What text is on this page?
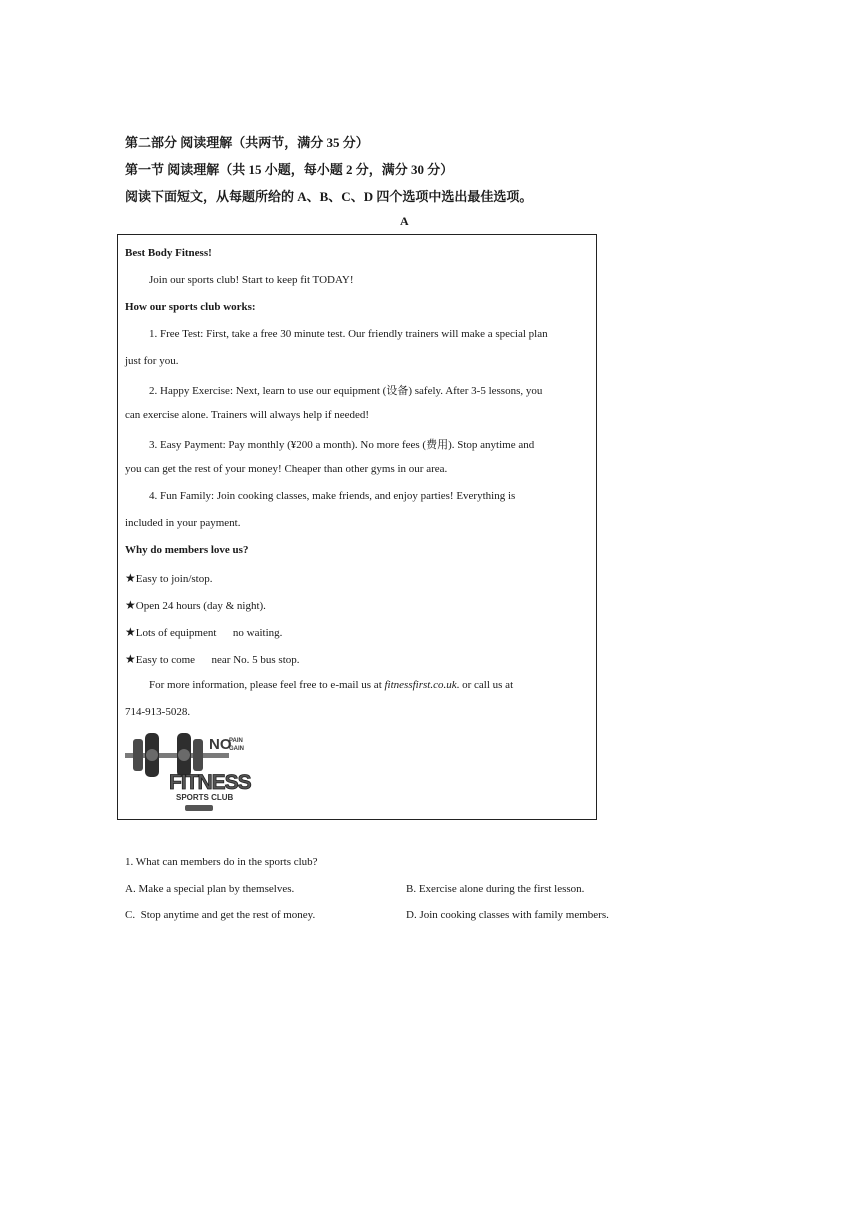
第二部分 阅读理解（共两节，满分 35 分）
第一节 阅读理解（共 15 小题，每小题 2 分，满分 30 分）
阅读下面短文，从每题所给的 A、B、C、D 四个选项中选出最佳选项。
A
Best Body Fitness!
Join our sports club! Start to keep fit TODAY!
How our sports club works:
1. Free Test: First, take a free 30 minute test. Our friendly trainers will make a special plan
just for you.
2. Happy Exercise: Next, learn to use our equipment (设备) safely. After 3-5 lessons, you
can exercise alone. Trainers will always help if needed!
3. Easy Payment: Pay monthly (¥200 a month). No more fees (费用). Stop anytime and
you can get the rest of your money! Cheaper than other gyms in our area.
4. Fun Family: Join cooking classes, make friends, and enjoy parties! Everything is
included in your payment.
Why do members love us?
★Easy to join/stop.
★Open 24 hours (day & night).
★Lots of equipment      no waiting.
★Easy to come      near No. 5 bus stop.
For more information, please feel free to e-mail us at fitnessfirst.co.uk. or call us at
714-913-5028.
NO
PAIN
GAIN
FITNESS
SPORTS CLUB
1. What can members do in the sports club?
A. Make a special plan by themselves.	B. Exercise alone during the first lesson.
C.  Stop anytime and get the rest of money.	D. Join cooking classes with family members.
